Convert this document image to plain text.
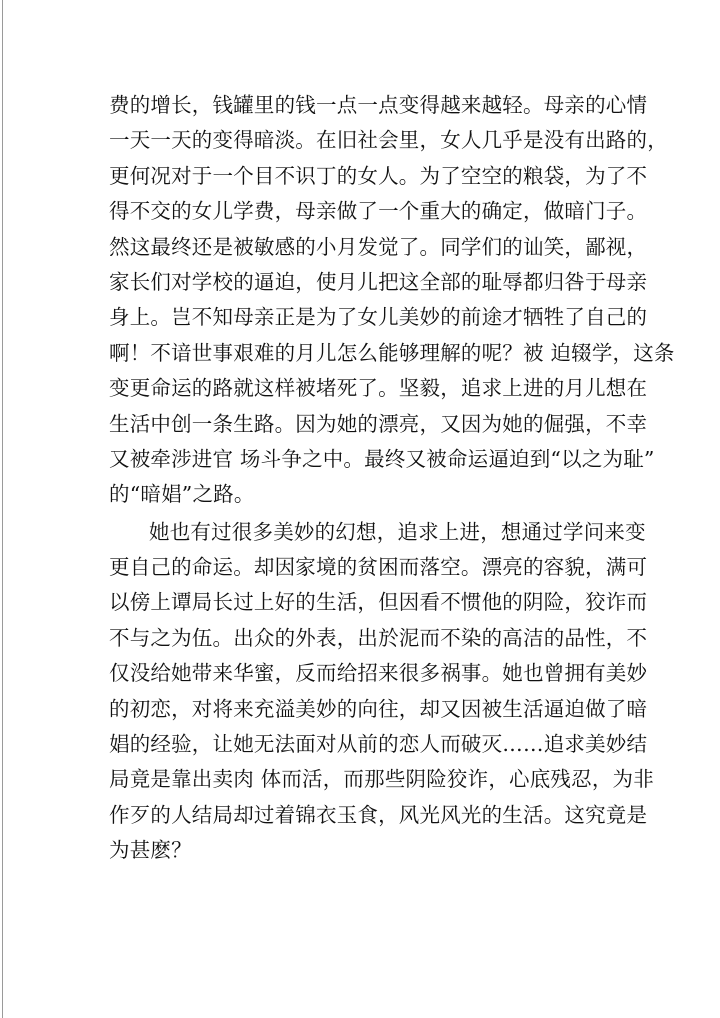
费的增长，钱罐里的钱一点一点变得越来越轻。母亲的心情
一天一天的变得暗淡。在旧社会里，女人几乎是没有出路的，
更何况对于一个目不识丁的女人。为了空空的粮袋，为了不
得不交的女儿学费，母亲做了一个重大的确定，做暗门子。
然这最终还是被敏感的小月发觉了。同学们的讪笑，鄙视，
家长们对学校的逼迫，使月儿把这全部的耻辱都归咎于母亲
身上。岂不知母亲正是为了女儿美妙的前途才牺牲了自己的
啊！不谙世事艰难的月儿怎么能够理解的呢？被 迫辍学，这条
变更命运的路就这样被堵死了。坚毅，追求上进的月儿想在
生活中创一条生路。因为她的漂亮，又因为她的倔强，不幸
又被牵涉进官 场斗争之中。最终又被命运逼迫到“以之为耻”
的“暗娼”之路。
她也有过很多美妙的幻想，追求上进，想通过学问来变
更自己的命运。却因家境的贫困而落空。漂亮的容貌，满可
以傍上谭局长过上好的生活，但因看不惯他的阴险，狡诈而
不与之为伍。出众的外表，出於泥而不染的高洁的品性，不
仅没给她带来华蜜，反而给招来很多祸事。她也曾拥有美妙
的初恋，对将来充溢美妙的向往，却又因被生活逼迫做了暗
娼的经验，让她无法面对从前的恋人而破灭……追求美妙结
局竟是靠出卖肉 体而活，而那些阴险狡诈，心底残忍，为非
作歹的人结局却过着锦衣玉食，风光风光的生活。这究竟是
为甚麽？
